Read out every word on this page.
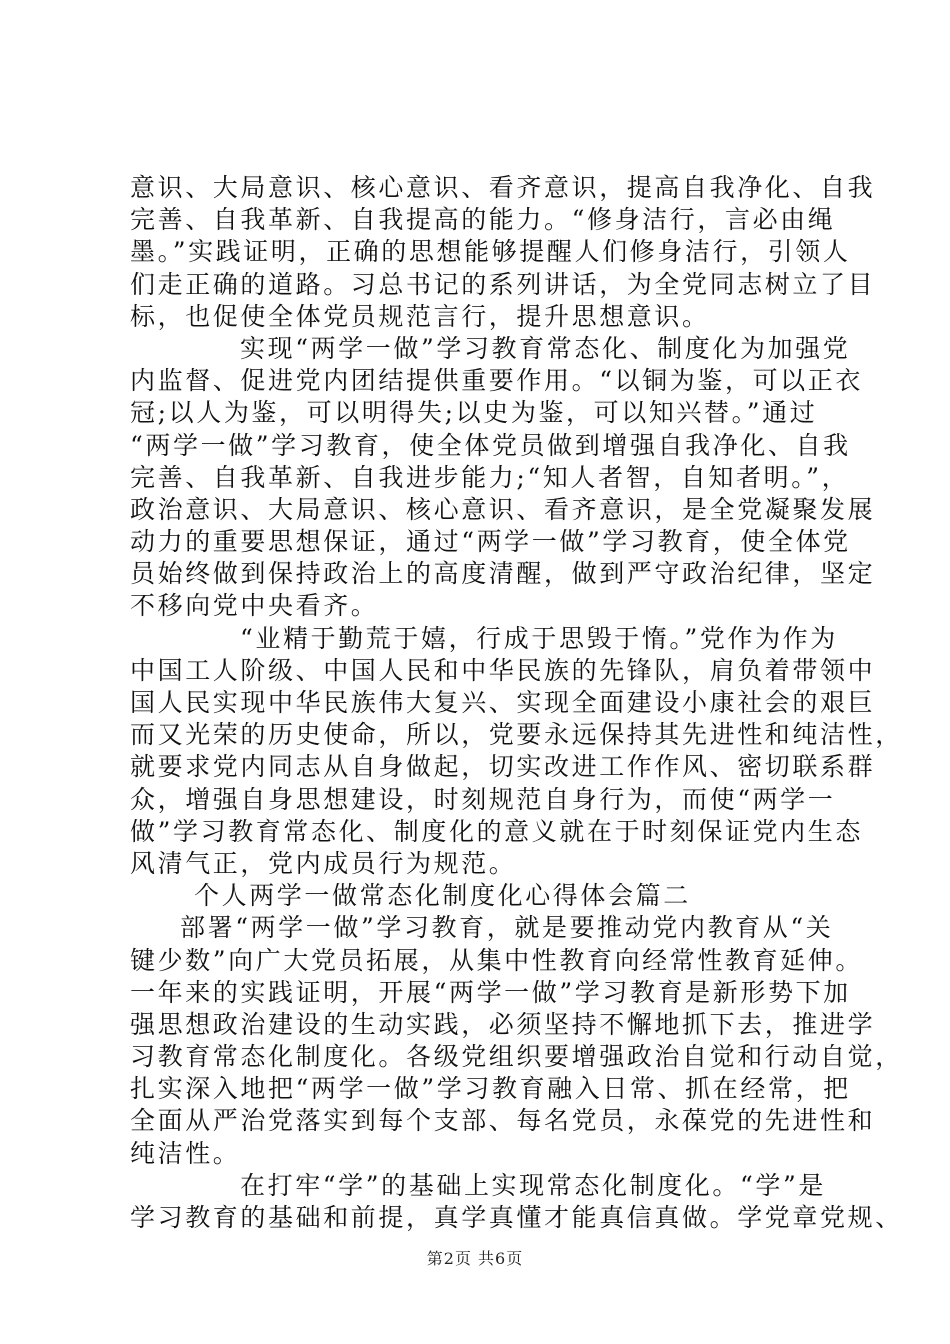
意识、大局意识、核心意识、看齐意识，提高自我净化、自我
完善、自我革新、自我提高的能力。“修身洁行，言必由绳
墨。”实践证明，正确的思想能够提醒人们修身洁行，引领人
们走正确的道路。习总书记的系列讲话，为全党同志树立了目
标，也促使全体党员规范言行，提升思想意识。
实现“两学一做”学习教育常态化、制度化为加强党
内监督、促进党内团结提供重要作用。“以铜为鉴，可以正衣
冠;以人为鉴，可以明得失;以史为鉴，可以知兴替。”通过
“两学一做”学习教育，使全体党员做到增强自我净化、自我
完善、自我革新、自我进步能力;“知人者智，自知者明。”，
政治意识、大局意识、核心意识、看齐意识，是全党凝聚发展
动力的重要思想保证，通过“两学一做”学习教育，使全体党
员始终做到保持政治上的高度清醒，做到严守政治纪律，坚定
不移向党中央看齐。
“业精于勤荒于嬉，行成于思毁于惰。”党作为作为
中国工人阶级、中国人民和中华民族的先锋队，肩负着带领中
国人民实现中华民族伟大复兴、实现全面建设小康社会的艰巨
而又光荣的历史使命，所以，党要永远保持其先进性和纯洁性，
就要求党内同志从自身做起，切实改进工作作风、密切联系群
众，增强自身思想建设，时刻规范自身行为，而使“两学一
做”学习教育常态化、制度化的意义就在于时刻保证党内生态
风清气正，党内成员行为规范。
个人两学一做常态化制度化心得体会篇二
部署“两学一做”学习教育，就是要推动党内教育从“关
键少数”向广大党员拓展，从集中性教育向经常性教育延伸。
一年来的实践证明，开展“两学一做”学习教育是新形势下加
强思想政治建设的生动实践，必须坚持不懈地抓下去，推进学
习教育常态化制度化。各级党组织要增强政治自觉和行动自觉，
扎实深入地把“两学一做”学习教育融入日常、抓在经常，把
全面从严治党落实到每个支部、每名党员，永葆党的先进性和
纯洁性。
在打牢“学”的基础上实现常态化制度化。“学”是
学习教育的基础和前提，真学真懂才能真信真做。学党章党规、
第2页 共6页
